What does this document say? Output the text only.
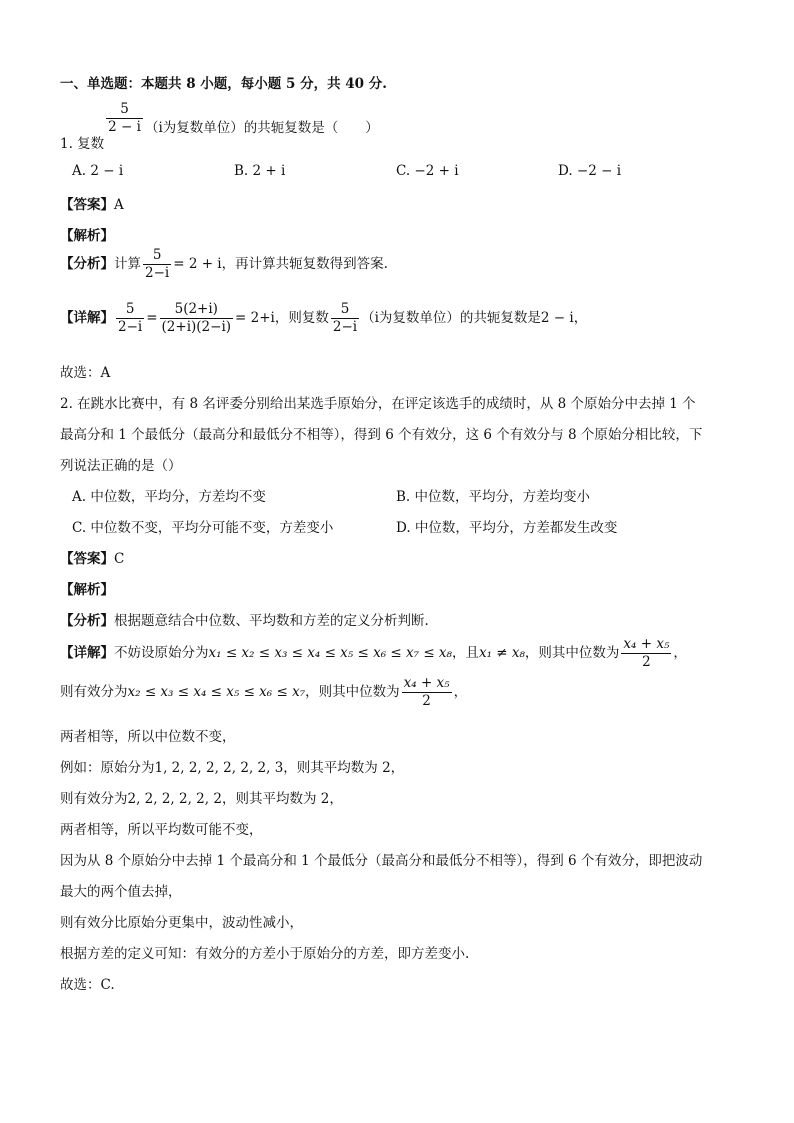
一、单选题：本题共 8 小题，每小题 5 分，共 40 分.
1. 复数
$\frac{5}{2 - i} (i$为复数单位）的共轭复数是（　　）
A. 2 − i	B. 2 + i	C. −2 + i	D. −2 − i
【答案】A
【解析】
【分析】计算 $\frac{5}{2-i} = 2 + i$，再计算共轭复数得到答案.
【详解】 $\frac{5}{2-i} = \frac{5(2+i)}{(2+i)(2-i)} = 2+i$，则复数 $\frac{5}{2-i} (i$为复数单位）的共轭复数是2 − i，
故选：A
2. 在跳水比赛中，有 8 名评委分别给出某选手原始分，在评定该选手的成绩时，从 8 个原始分中去掉 1 个
最高分和 1 个最低分（最高分和最低分不相等），得到 6 个有效分，这 6 个有效分与 8 个原始分相比较，下
列说法正确的是（）
A. 中位数，平均分，方差均不变	B. 中位数，平均分，方差均变小
C. 中位数不变，平均分可能不变，方差变小	D. 中位数，平均分，方差都发生改变
【答案】C
【解析】
【分析】根据题意结合中位数、平均数和方差的定义分析判断.
【详解】不妨设原始分为x₁ ≤ x₂ ≤ x₃ ≤ x₄ ≤ x₅ ≤ x₆ ≤ x₇ ≤ x₈，且x₁ ≠ x₈，则其中位数为 $\frac{\text{x₄ + x₅}}{2}$ ，
则有效分为x₂ ≤ x₃ ≤ x₄ ≤ x₅ ≤ x₆ ≤ x₇，则其中位数为 $\frac{\text{x₄ + x₅}}{2}$ ，
两者相等，所以中位数不变，
例如：原始分为1, 2, 2, 2, 2, 2, 2, 3，则其平均数为 2，
则有效分为2, 2, 2, 2, 2, 2，则其平均数为 2，
两者相等，所以平均数可能不变，
因为从 8 个原始分中去掉 1 个最高分和 1 个最低分（最高分和最低分不相等），得到 6 个有效分，即把波动
最大的两个值去掉，
则有效分比原始分更集中，波动性减小，
根据方差的定义可知：有效分的方差小于原始分的方差，即方差变小.
故选：C.
